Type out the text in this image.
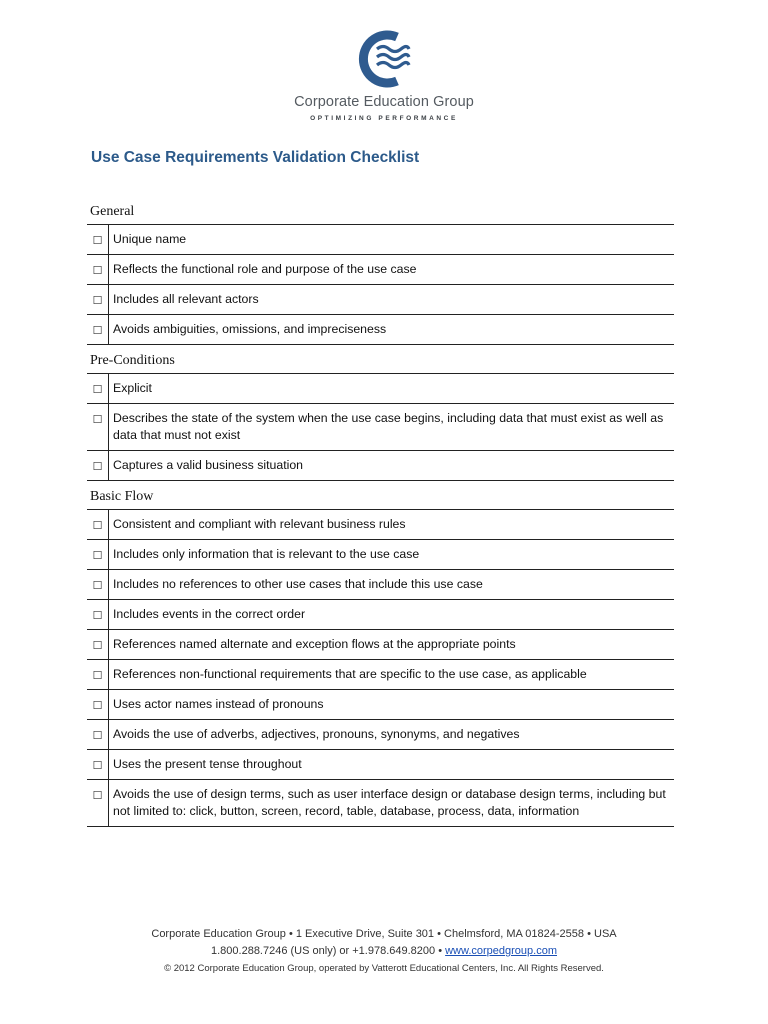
Corporate Education Group
OPTIMIZING PERFORMANCE
Use Case Requirements Validation Checklist
General
☐ Unique name
☐ Reflects the functional role and purpose of the use case
☐ Includes all relevant actors
☐ Avoids ambiguities, omissions, and impreciseness
Pre-Conditions
☐ Explicit
☐ Describes the state of the system when the use case begins, including data that must exist as well as data that must not exist
☐ Captures a valid business situation
Basic Flow
☐ Consistent and compliant with relevant business rules
☐ Includes only information that is relevant to the use case
☐ Includes no references to other use cases that include this use case
☐ Includes events in the correct order
☐ References named alternate and exception flows at the appropriate points
☐ References non-functional requirements that are specific to the use case, as applicable
☐ Uses actor names instead of pronouns
☐ Avoids the use of adverbs, adjectives, pronouns, synonyms, and negatives
☐ Uses the present tense throughout
☐ Avoids the use of design terms, such as user interface design or database design terms, including but not limited to: click, button, screen, record, table, database, process, data, information
Corporate Education Group • 1 Executive Drive, Suite 301 • Chelmsford, MA 01824-2558 • USA
1.800.288.7246 (US only) or +1.978.649.8200 • www.corpedgroup.com
© 2012 Corporate Education Group, operated by Vatterott Educational Centers, Inc. All Rights Reserved.
